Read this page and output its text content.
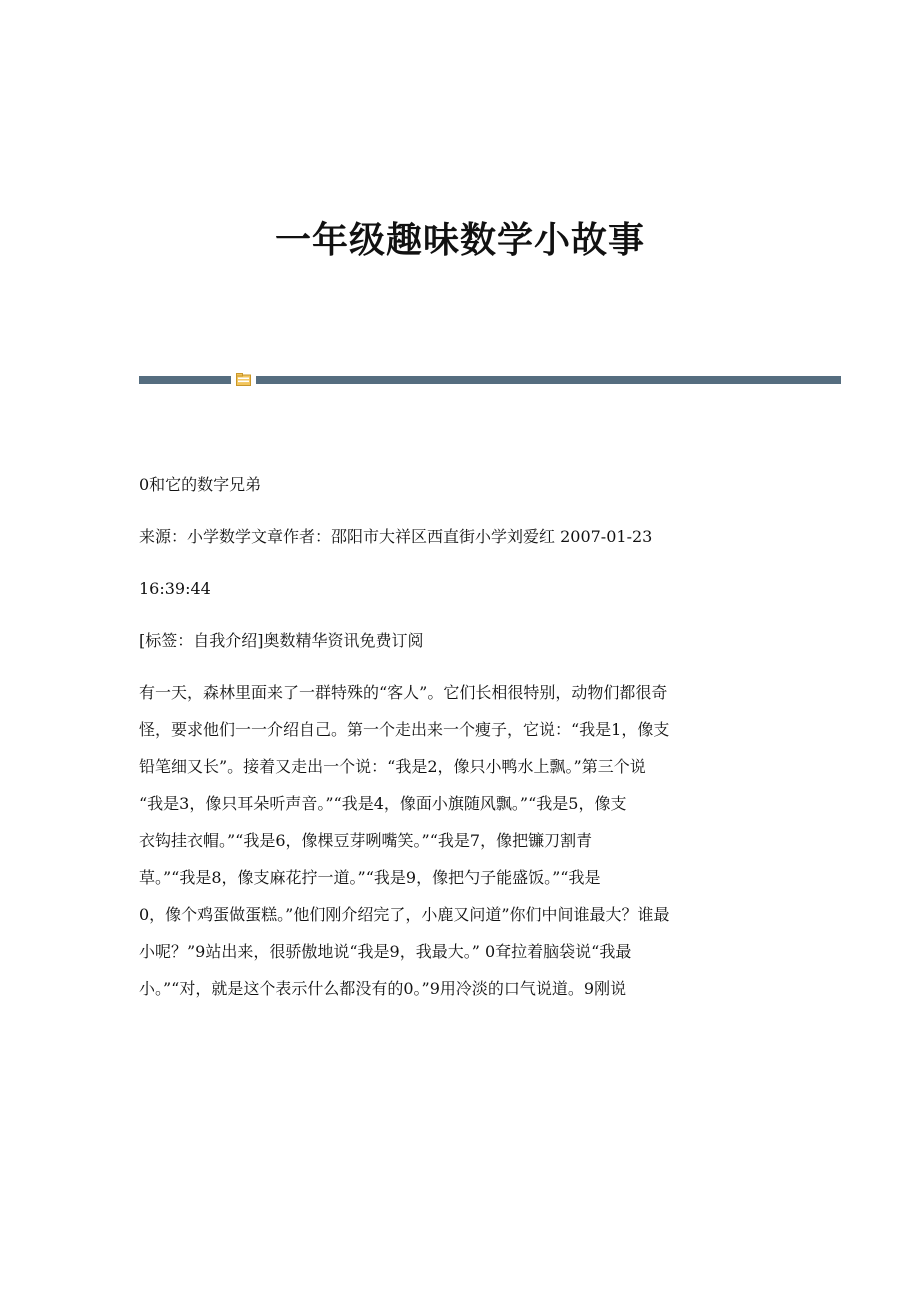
一年级趣味数学小故事

0和它的数字兄弟

来源：小学数学文章作者：邵阳市大祥区西直街小学刘爱红 2007-01-23

16:39:44

[标签：自我介绍]奥数精华资讯免费订阅

有一天，森林里面来了一群特殊的“客人”。它们长相很特别，动物们都很奇

怪，要求他们一一介绍自己。第一个走出来一个瘦子，它说：“我是1，像支

铅笔细又长”。接着又走出一个说：“我是2，像只小鸭水上飘。”第三个说

“我是3，像只耳朵听声音。”“我是4，像面小旗随风飘。”“我是5，像支

衣钩挂衣帽。”“我是6，像棵豆芽咧嘴笑。”“我是7，像把镰刀割青

草。”“我是8，像支麻花拧一道。”“我是9，像把勺子能盛饭。”“我是

0，像个鸡蛋做蛋糕。”他们刚介绍完了，小鹿又问道”你们中间谁最大？谁最

小呢？”9站出来，很骄傲地说“我是9，我最大。” 0耷拉着脑袋说“我最

小。”“对，就是这个表示什么都没有的0。”9用冷淡的口气说道。9刚说
